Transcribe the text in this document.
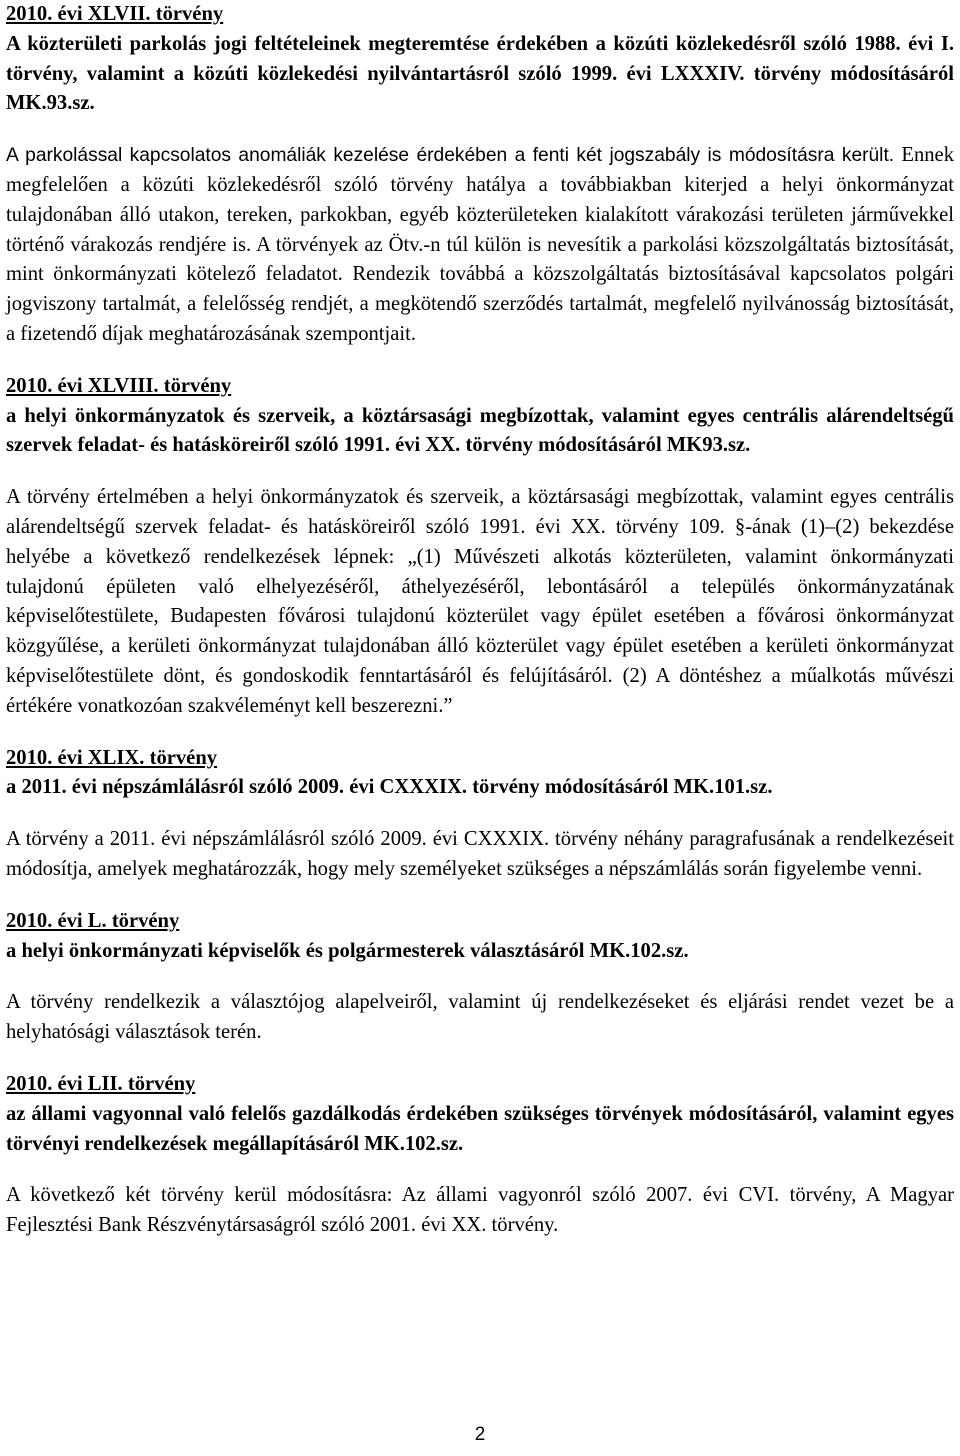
2010. évi XLVII. törvény
A közterületi parkolás jogi feltételeinek megteremtése érdekében a közúti közlekedésről szóló 1988. évi I. törvény, valamint a közúti közlekedési nyilvántartásról szóló 1999. évi LXXXIV. törvény módosításáról MK.93.sz.
A parkolással kapcsolatos anomáliák kezelése érdekében a fenti két jogszabály is módosításra került. Ennek megfelelően a közúti közlekedésről szóló törvény hatálya a továbbiakban kiterjed a helyi önkormányzat tulajdonában álló utakon, tereken, parkokban, egyéb közterületeken kialakított várakozási területen járművekkel történő várakozás rendjére is. A törvények az Ötv.-n túl külön is nevesítik a parkolási közszolgáltatás biztosítását, mint önkormányzati kötelező feladatot. Rendezik továbbá a közszolgáltatás biztosításával kapcsolatos polgári jogviszony tartalmát, a felelősség rendjét, a megkötendő szerződés tartalmát, megfelelő nyilvánosság biztosítását, a fizetendő díjak meghatározásának szempontjait.
2010. évi XLVIII. törvény
a helyi önkormányzatok és szerveik, a köztársasági megbízottak, valamint egyes centrális alárendeltségű szervek feladat- és hatásköreiről szóló 1991. évi XX. törvény módosításáról MK93.sz.
A törvény értelmében a helyi önkormányzatok és szerveik, a köztársasági megbízottak, valamint egyes centrális alárendeltségű szervek feladat- és hatásköreiről szóló 1991. évi XX. törvény 109. §-ának (1)–(2) bekezdése helyébe a következő rendelkezések lépnek: „(1) Művészeti alkotás közterületen, valamint önkormányzati tulajdonú épületen való elhelyezéséről, áthelyezéséről, lebontásáról a település önkormányzatának képviselőtestülete, Budapesten fővárosi tulajdonú közterület vagy épület esetében a fővárosi önkormányzat közgyűlése, a kerületi önkormányzat tulajdonában álló közterület vagy épület esetében a kerületi önkormányzat képviselőtestülete dönt, és gondoskodik fenntartásáról és felújításáról. (2) A döntéshez a műalkotás művészi értékére vonatkozóan szakvéleményt kell beszerezni.”
2010. évi XLIX. törvény
a 2011. évi népszámlálásról szóló 2009. évi CXXXIX. törvény módosításáról MK.101.sz.
A törvény a 2011. évi népszámlálásról szóló 2009. évi CXXXIX. törvény néhány paragrafusának a rendelkezéseit módosítja, amelyek meghatározzák, hogy mely személyeket szükséges a népszámlálás során figyelembe venni.
2010. évi L. törvény
a helyi önkormányzati képviselők és polgármesterek választásáról MK.102.sz.
A törvény rendelkezik a választójog alapelveiről, valamint új rendelkezéseket és eljárási rendet vezet be a helyhatósági választások terén.
2010. évi LII. törvény
az állami vagyonnal való felelős gazdálkodás érdekében szükséges törvények módosításáról, valamint egyes törvényi rendelkezések megállapításáról MK.102.sz.
A következő két törvény kerül módosításra: Az állami vagyonról szóló 2007. évi CVI. törvény, A Magyar Fejlesztési Bank Részvénytársaságról szóló 2001. évi XX. törvény.
2
